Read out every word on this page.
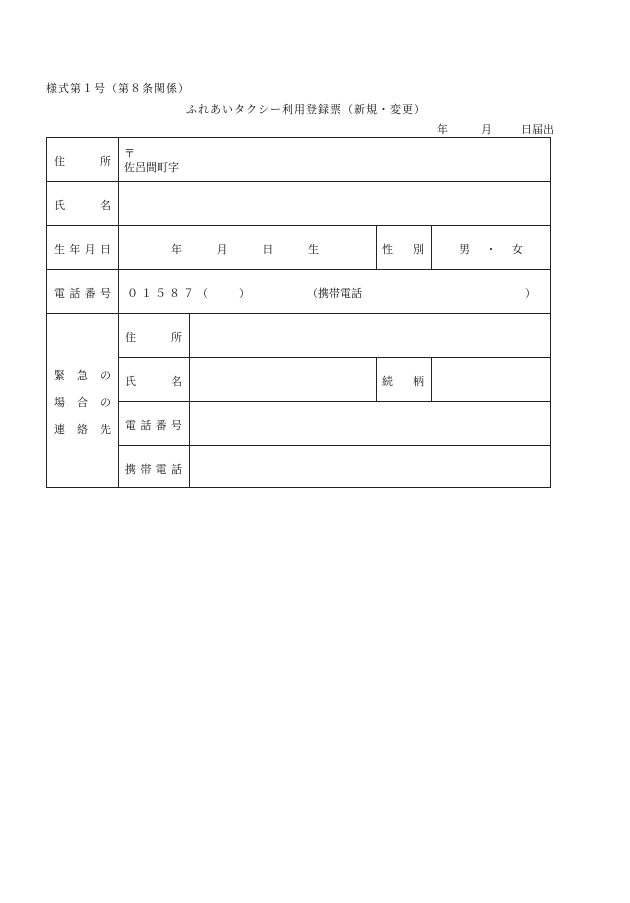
様式第１号（第８条関係）
ふれあいタクシー利用登録票（新規・変更）
年	月	日届出
住	所
〒
佐呂間町字
氏	名
生 年 月 日	年	月	日	生	性 別	男 ・ 女
電 話 番 号 ０１５８７（　　）	（携帯電話	）
緊 急 の
場 合 の
連 絡 先
住	所
氏	名	続 柄
電 話 番 号
携 帯 電 話
